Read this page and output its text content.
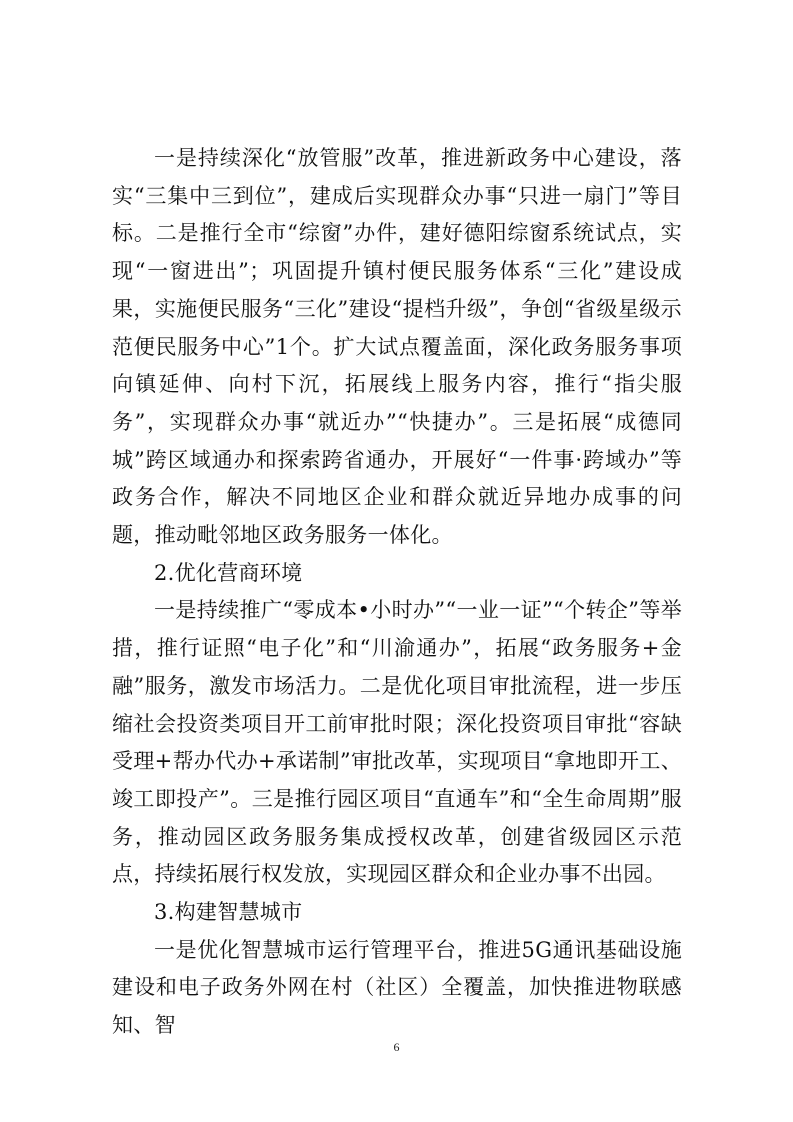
一是持续深化“放管服”改革，推进新政务中心建设，落实“三集中三到位”，建成后实现群众办事“只进一扇门”等目标。二是推行全市“综窗”办件，建好德阳综窗系统试点，实现“一窗进出”；巩固提升镇村便民服务体系“三化”建设成果，实施便民服务“三化”建设“提档升级”，争创“省级星级示范便民服务中心”1个。扩大试点覆盖面，深化政务服务事项向镇延伸、向村下沉，拓展线上服务内容，推行“指尖服务”，实现群众办事“就近办”“快捷办”。三是拓展“成德同城”跨区域通办和探索跨省通办，开展好“一件事·跨域办”等政务合作，解决不同地区企业和群众就近异地办成事的问题，推动毗邻地区政务服务一体化。

2.优化营商环境

一是持续推广“零成本•小时办”“一业一证”“个转企”等举措，推行证照“电子化”和“川渝通办”，拓展“政务服务+金融”服务，激发市场活力。二是优化项目审批流程，进一步压缩社会投资类项目开工前审批时限；深化投资项目审批“容缺受理+帮办代办+承诺制”审批改革，实现项目“拿地即开工、竣工即投产”。三是推行园区项目“直通车”和“全生命周期”服务，推动园区政务服务集成授权改革，创建省级园区示范点，持续拓展行权发放，实现园区群众和企业办事不出园。

3.构建智慧城市

一是优化智慧城市运行管理平台，推进5G通讯基础设施建设和电子政务外网在村（社区）全覆盖，加快推进物联感知、智

6
